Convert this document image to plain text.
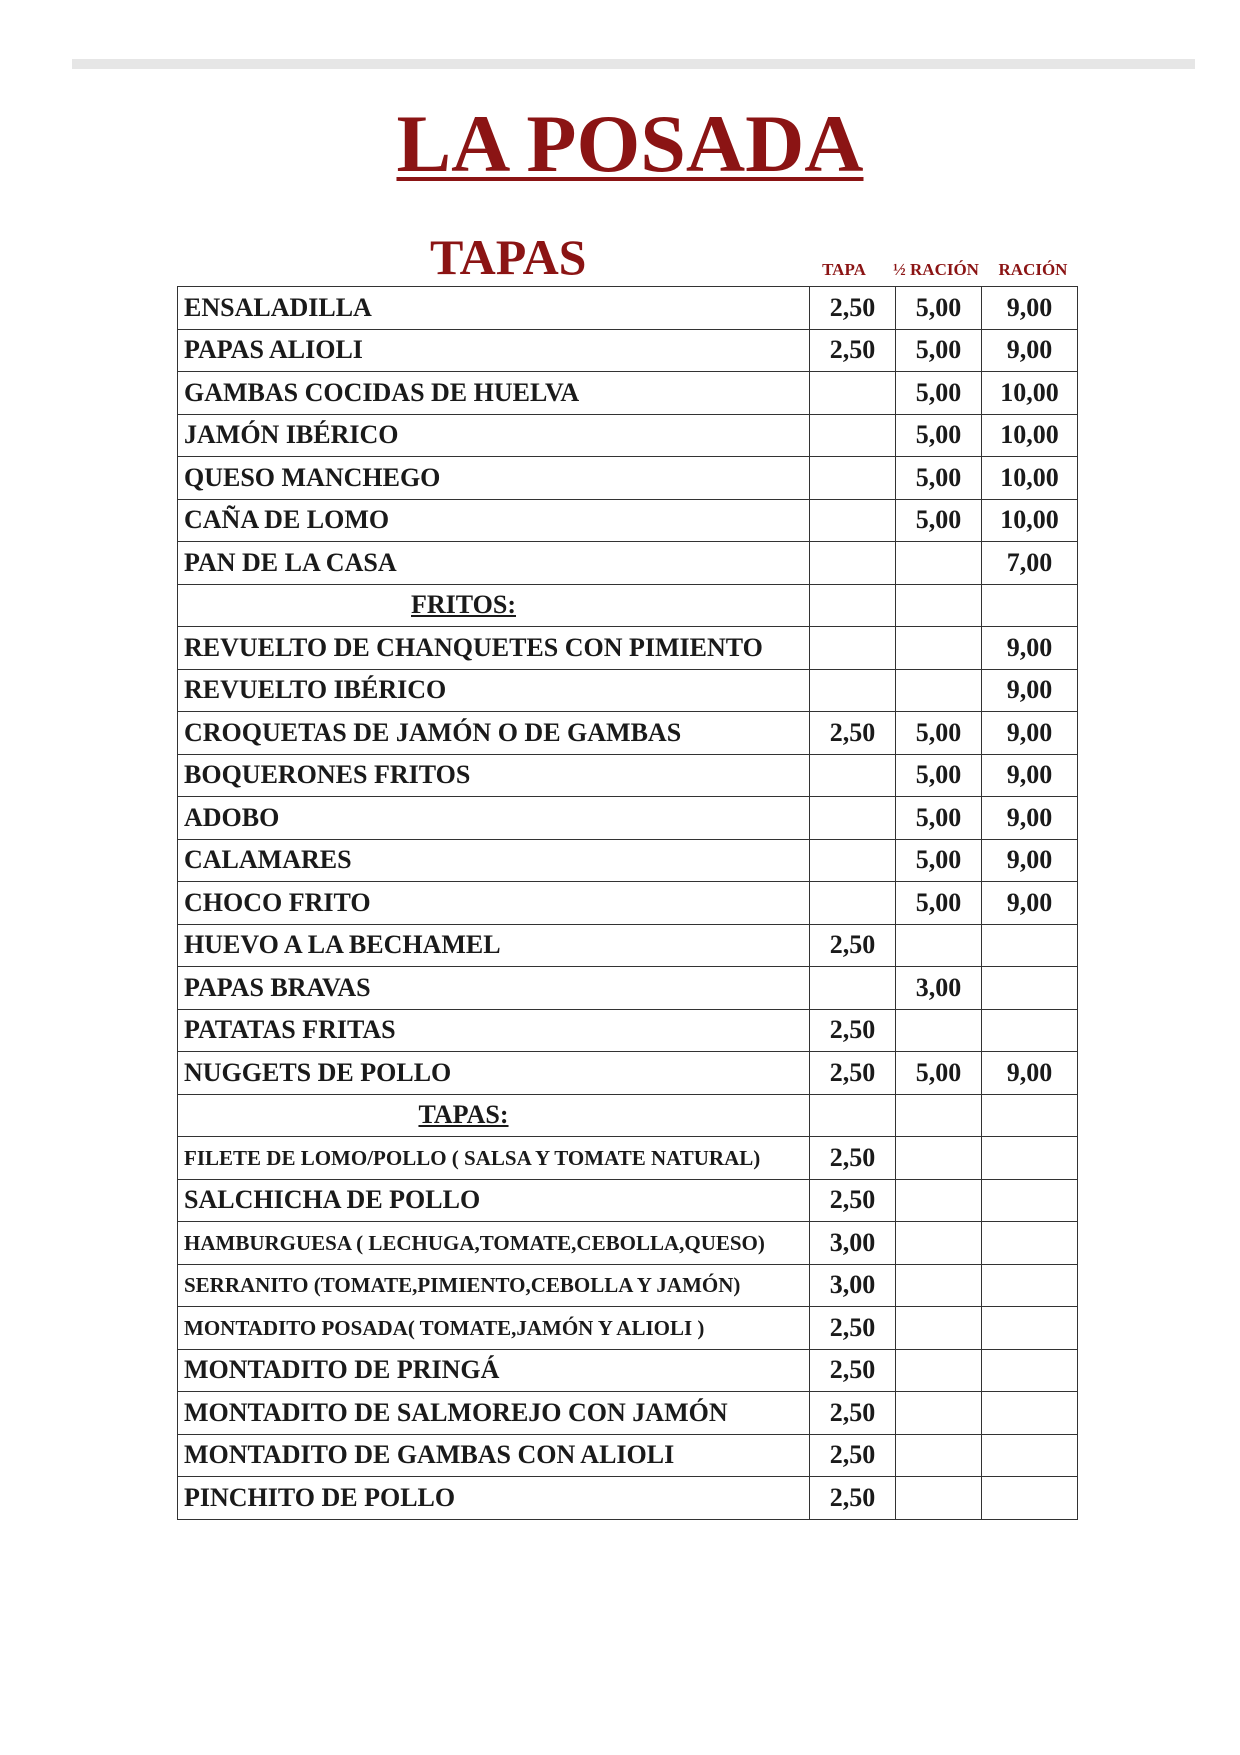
LA POSADA
TAPAS	TAPA	½ RACIÓN	RACIÓN
ENSALADILLA	2,50	5,00	9,00
PAPAS ALIOLI	2,50	5,00	9,00
GAMBAS COCIDAS DE HUELVA		5,00	10,00
JAMÓN IBÉRICO		5,00	10,00
QUESO MANCHEGO		5,00	10,00
CAÑA DE LOMO		5,00	10,00
PAN DE LA CASA			7,00
FRITOS:			
REVUELTO DE CHANQUETES CON PIMIENTO			9,00
REVUELTO IBÉRICO			9,00
CROQUETAS DE JAMÓN O DE GAMBAS	2,50	5,00	9,00
BOQUERONES FRITOS		5,00	9,00
ADOBO		5,00	9,00
CALAMARES		5,00	9,00
CHOCO FRITO		5,00	9,00
HUEVO A LA BECHAMEL	2,50		
PAPAS BRAVAS		3,00	
PATATAS FRITAS	2,50		
NUGGETS DE POLLO	2,50	5,00	9,00
TAPAS:			
FILETE DE LOMO/POLLO ( SALSA Y TOMATE NATURAL)	2,50		
SALCHICHA DE POLLO	2,50		
HAMBURGUESA ( LECHUGA,TOMATE,CEBOLLA,QUESO)	3,00		
SERRANITO (TOMATE,PIMIENTO,CEBOLLA Y JAMÓN)	3,00		
MONTADITO POSADA( TOMATE,JAMÓN Y ALIOLI )	2,50		
MONTADITO DE PRINGÁ	2,50		
MONTADITO DE SALMOREJO CON JAMÓN	2,50		
MONTADITO DE GAMBAS CON ALIOLI	2,50		
PINCHITO DE POLLO	2,50		
